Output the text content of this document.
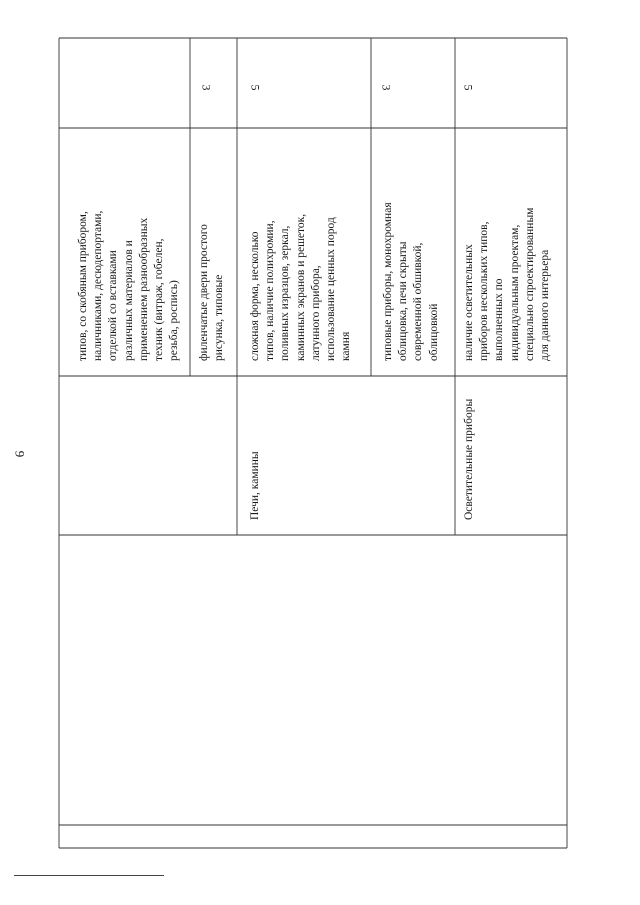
9
типов, со скобяным прибором, наличниками, десюдепортами, отделкой со вставками различных материалов и применением разнообразных техник (витраж, гобелен, резьба, роспись) филенчатые двери простого рисунка, типовые
3
Печи, камины
сложная форма, несколько типов, наличие полихромии, поливных изразцов, зеркал, каминных экранов и решеток, латунного прибора, использование ценных пород камня
5
типовые приборы, монохромная облицовка, печи скрыты современной обшивкой, облицовкой
3
Осветительные приборы
наличие осветительных приборов нескольких типов, выполненных по индивидуальным проектам, специально спроектированным для данного интерьера
5
